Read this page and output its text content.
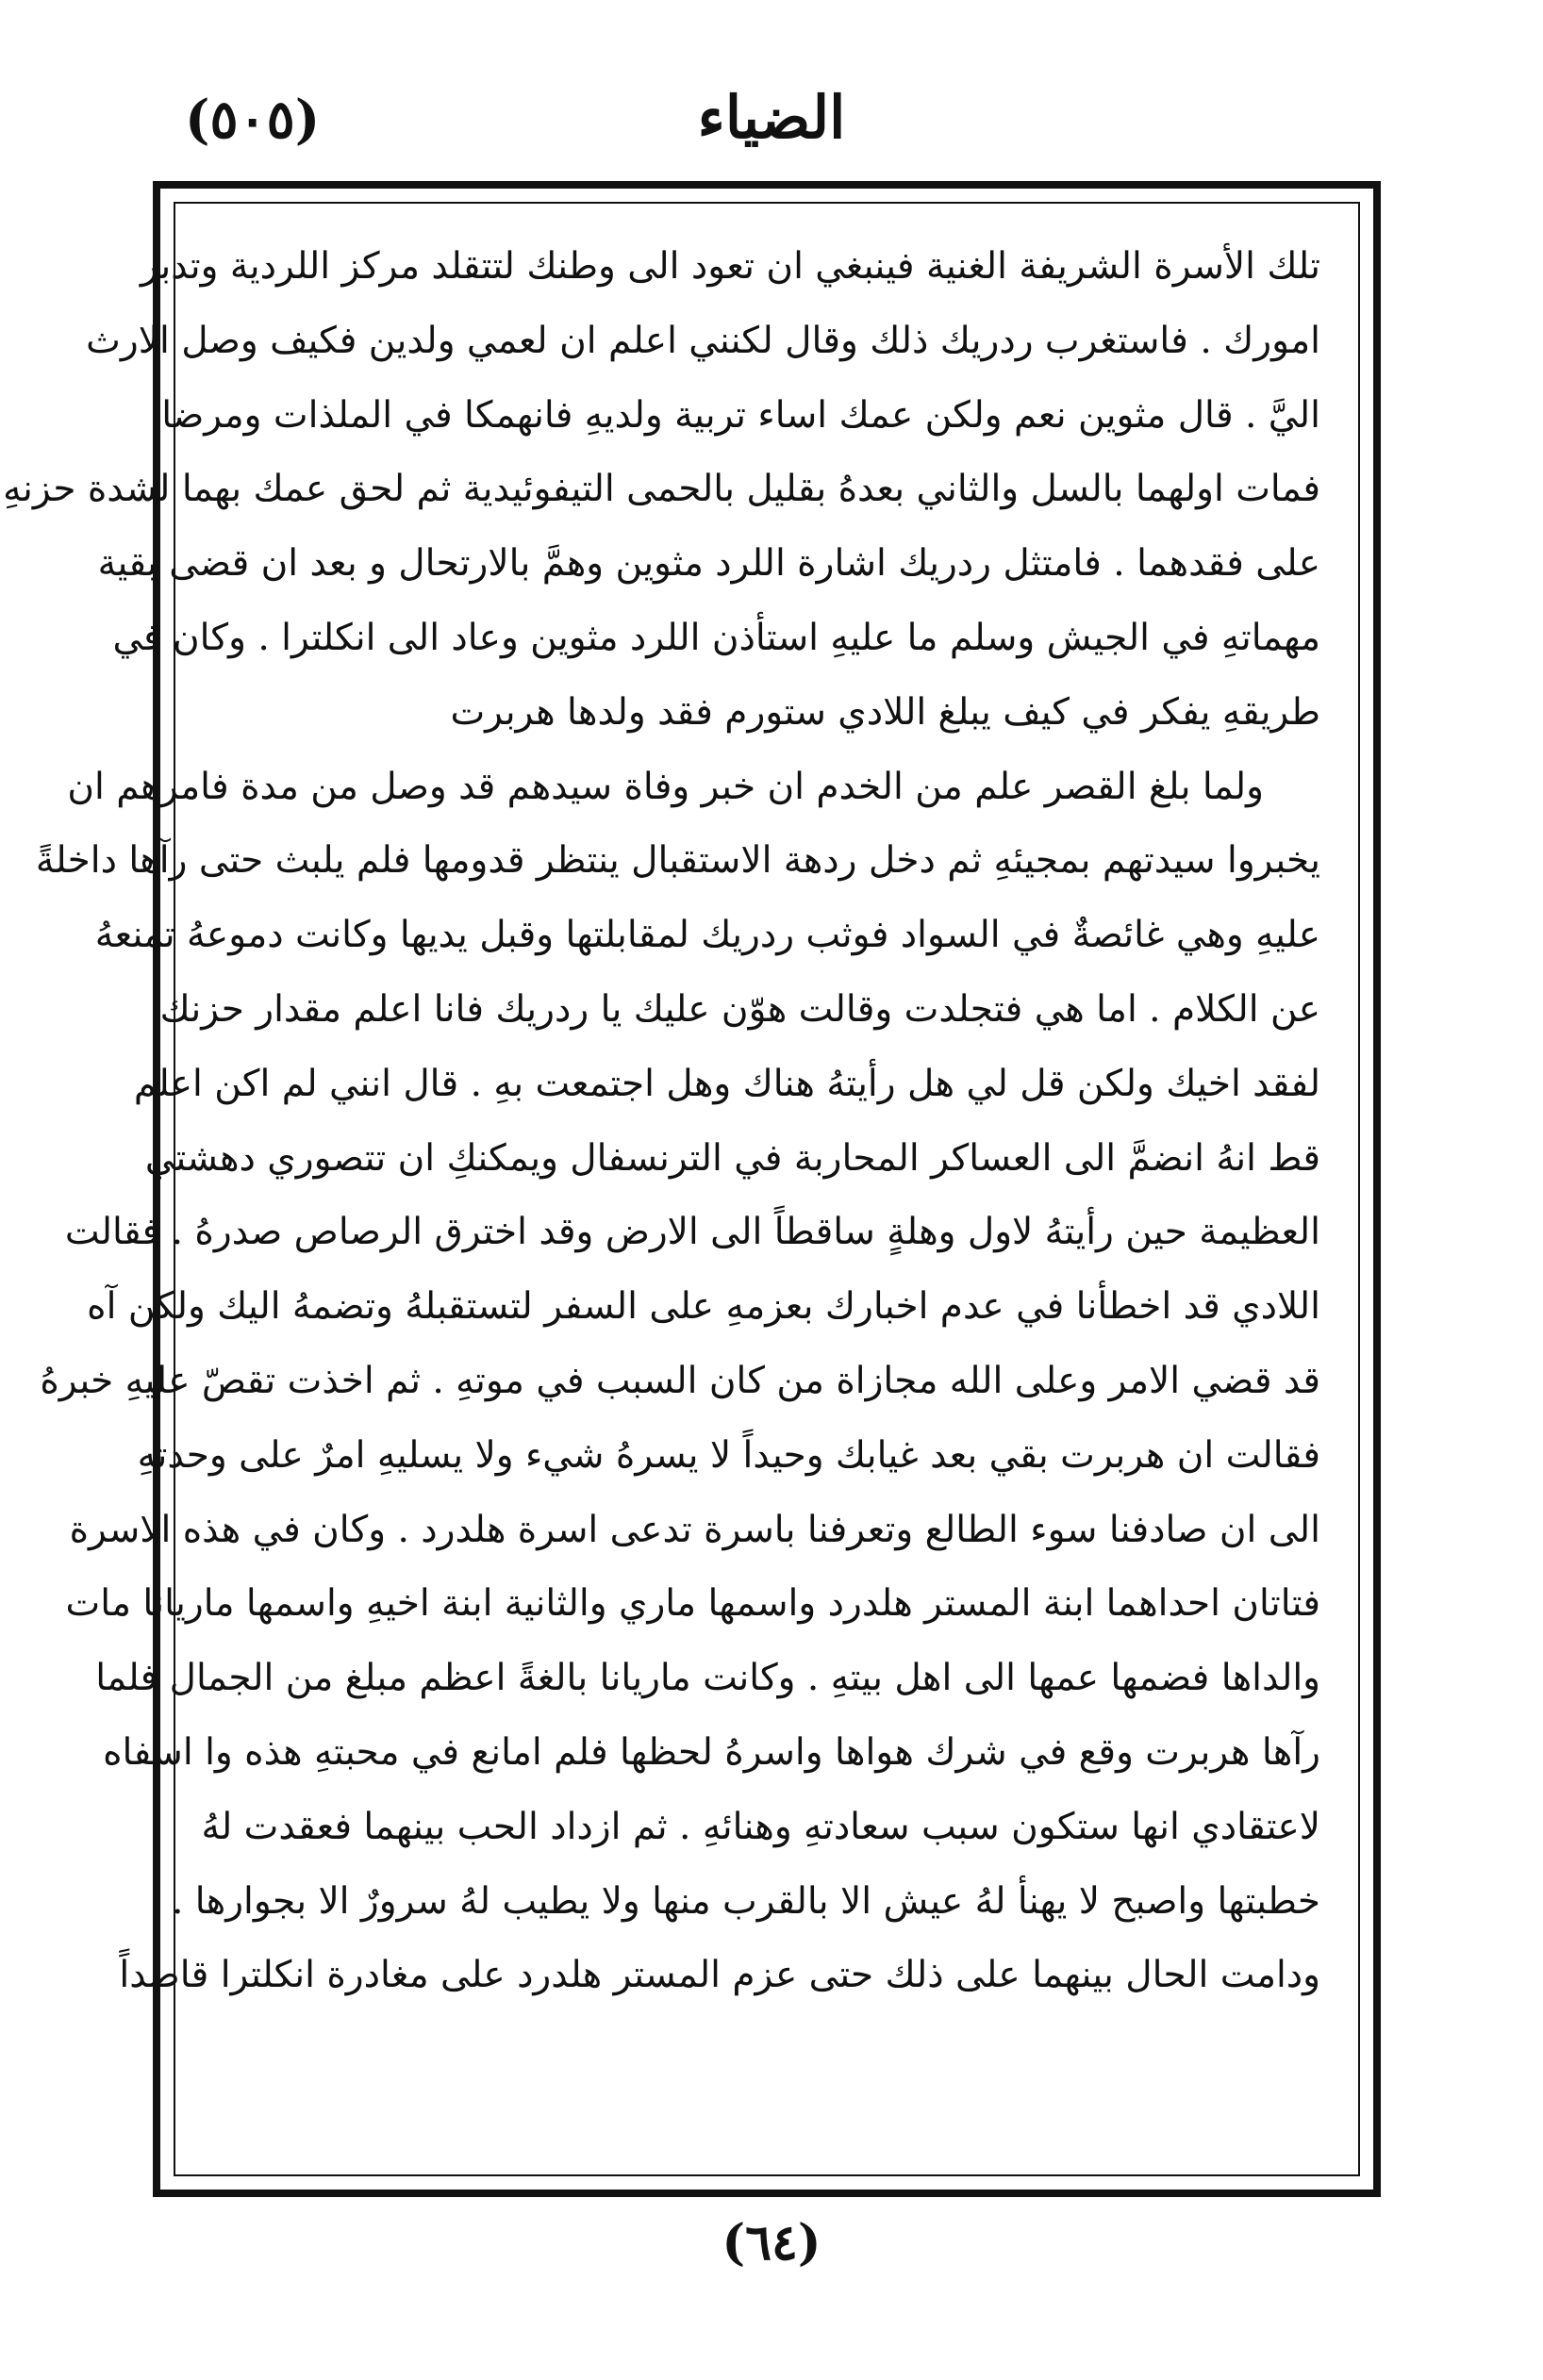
(٥٠٥)	الضياء
تلك الأسرة الشريفة الغنية فينبغي ان تعود الى وطنك لتتقلد مركز اللردية وتدبر
امورك . فاستغرب ردريك ذلك وقال لكنني اعلم ان لعمي ولدين فكيف وصل الارث
اليَّ . قال مثوين نعم ولكن عمك اساء تربية ولديهِ فانهمكا في الملذات ومرضا
فمات اولهما بالسل والثاني بعدهُ بقليل بالحمى التيفوئيدية ثم لحق عمك بهما لشدة حزنهِ
على فقدهما . فامتثل ردريك اشارة اللرد مثوين وهمَّ بالارتحال و بعد ان قضى بقية
مهماتهِ في الجيش وسلم ما عليهِ استأذن اللرد مثوين وعاد الى انكلترا . وكان في
طريقهِ يفكر في كيف يبلغ اللادي ستورم فقد ولدها هربرت
ولما بلغ القصر علم من الخدم ان خبر وفاة سيدهم قد وصل من مدة فامرهم ان
يخبروا سيدتهم بمجيئهِ ثم دخل ردهة الاستقبال ينتظر قدومها فلم يلبث حتى رآها داخلةً
عليهِ وهي غائصةٌ في السواد فوثب ردريك لمقابلتها وقبل يديها وكانت دموعهُ تمنعهُ
عن الكلام . اما هي فتجلدت وقالت هوّن عليك يا ردريك فانا اعلم مقدار حزنك
لفقد اخيك ولكن قل لي هل رأيتهُ هناك وهل اجتمعت بهِ . قال انني لم اكن اعلم
قط انهُ انضمَّ الى العساكر المحاربة في الترنسفال ويمكنكِ ان تتصوري دهشتي
العظيمة حين رأيتهُ لاول وهلةٍ ساقطاً الى الارض وقد اخترق الرصاص صدرهُ . فقالت
اللادي قد اخطأنا في عدم اخبارك بعزمهِ على السفر لتستقبلهُ وتضمهُ اليك ولكن آه
قد قضي الامر وعلى الله مجازاة من كان السبب في موتهِ . ثم اخذت تقصّ عليهِ خبرهُ
فقالت ان هربرت بقي بعد غيابك وحيداً لا يسرهُ شيء ولا يسليهِ امرٌ على وحدتهِ
الى ان صادفنا سوء الطالع وتعرفنا باسرة تدعى اسرة هلدرد . وكان في هذه الاسرة
فتاتان احداهما ابنة المستر هلدرد واسمها ماري والثانية ابنة اخيهِ واسمها ماريانا مات
والداها فضمها عمها الى اهل بيتهِ . وكانت ماريانا بالغةً اعظم مبلغ من الجمال فلما
رآها هربرت وقع في شرك هواها واسرهُ لحظها فلم امانع في محبتهِ هذه وا اسفاه
لاعتقادي انها ستكون سبب سعادتهِ وهنائهِ . ثم ازداد الحب بينهما فعقدت لهُ
خطبتها واصبح لا يهنأ لهُ عيش الا بالقرب منها ولا يطيب لهُ سرورٌ الا بجوارها .
ودامت الحال بينهما على ذلك حتى عزم المستر هلدرد على مغادرة انكلترا قاصداً
(٦٤)
